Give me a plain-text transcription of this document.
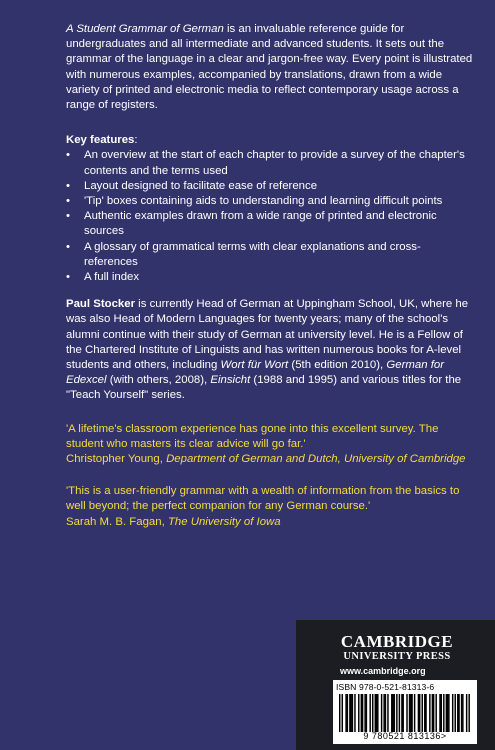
A Student Grammar of German is an invaluable reference guide for undergraduates and all intermediate and advanced students. It sets out the grammar of the language in a clear and jargon-free way. Every point is illustrated with numerous examples, accompanied by translations, drawn from a wide variety of printed and electronic media to reflect contemporary usage across a range of registers.

Key features:

• An overview at the start of each chapter to provide a survey of the chapter's contents and the terms used
• Layout designed to facilitate ease of reference
• 'Tip' boxes containing aids to understanding and learning difficult points
• Authentic examples drawn from a wide range of printed and electronic sources
• A glossary of grammatical terms with clear explanations and cross-references
• A full index

Paul Stocker is currently Head of German at Uppingham School, UK, where he was also Head of Modern Languages for twenty years; many of the school's alumni continue with their study of German at university level. He is a Fellow of the Chartered Institute of Linguists and has written numerous books for A-level students and others, including Wort für Wort (5th edition 2010), German for Edexcel (with others, 2008), Einsicht (1988 and 1995) and various titles for the "Teach Yourself" series.

'A lifetime's classroom experience has gone into this excellent survey. The student who masters its clear advice will go far.'
Christopher Young, Department of German and Dutch, University of Cambridge

'This is a user-friendly grammar with a wealth of information from the basics to well beyond; the perfect companion for any German course.'
Sarah M. B. Fagan, The University of Iowa

CAMBRIDGE
UNIVERSITY PRESS
www.cambridge.org
ISBN 978-0-521-81313-6
9 780521 813136>
